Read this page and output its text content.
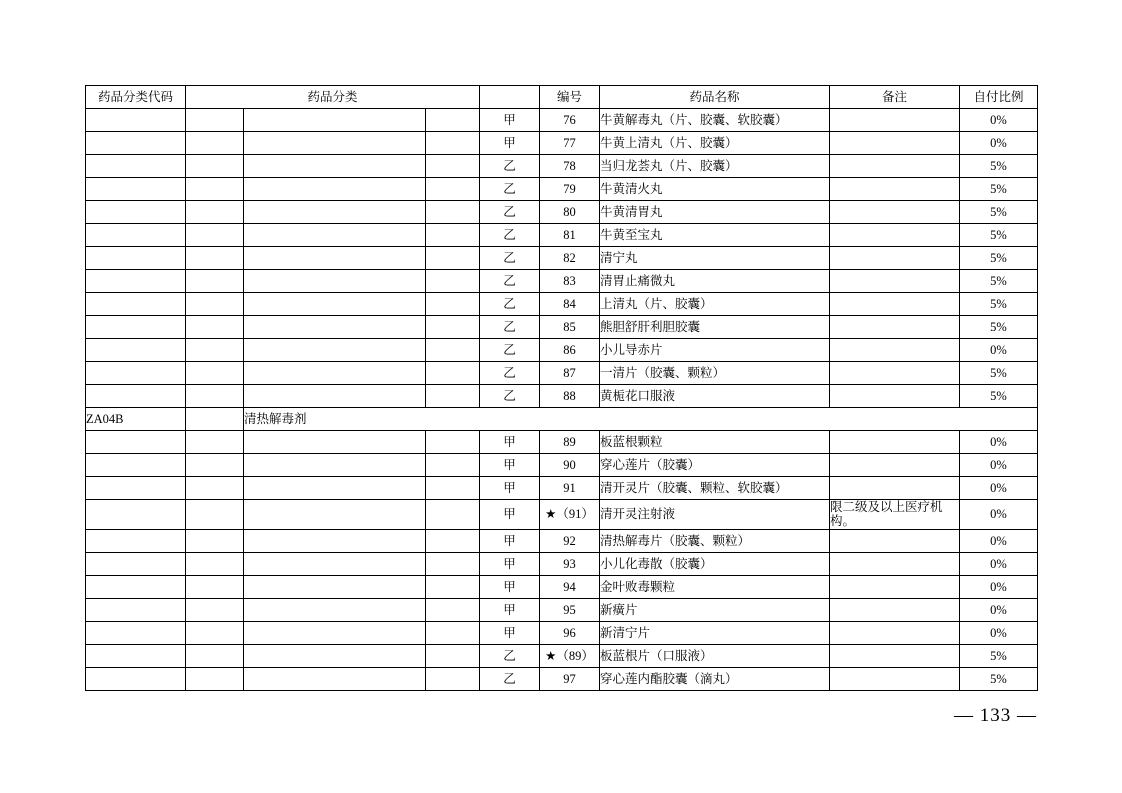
药品分类代码	药品分类				编号	药品名称	备注	自付比例
				甲	76	牛黄解毒丸（片、胶囊、软胶囊）		0%
				甲	77	牛黄上清丸（片、胶囊）		0%
				乙	78	当归龙荟丸（片、胶囊）		5%
				乙	79	牛黄清火丸		5%
				乙	80	牛黄清胃丸		5%
				乙	81	牛黄至宝丸		5%
				乙	82	清宁丸		5%
				乙	83	清胃止痛微丸		5%
				乙	84	上清丸（片、胶囊）		5%
				乙	85	熊胆舒肝利胆胶囊		5%
				乙	86	小儿导赤片		0%
				乙	87	一清片（胶囊、颗粒）		5%
				乙	88	黄栀花口服液		5%
ZA04B		清热解毒剂						
				甲	89	板蓝根颗粒		0%
				甲	90	穿心莲片（胶囊）		0%
				甲	91	清开灵片（胶囊、颗粒、软胶囊）		0%
				甲	★（91）	清开灵注射液	限二级及以上医疗机构。	0%
				甲	92	清热解毒片（胶囊、颗粒）		0%
				甲	93	小儿化毒散（胶囊）		0%
				甲	94	金叶败毒颗粒		0%
				甲	95	新癀片		0%
				甲	96	新清宁片		0%
				乙	★（89）	板蓝根片（口服液）		5%
				乙	97	穿心莲内酯胶囊（滴丸）		5%
— 133 —
